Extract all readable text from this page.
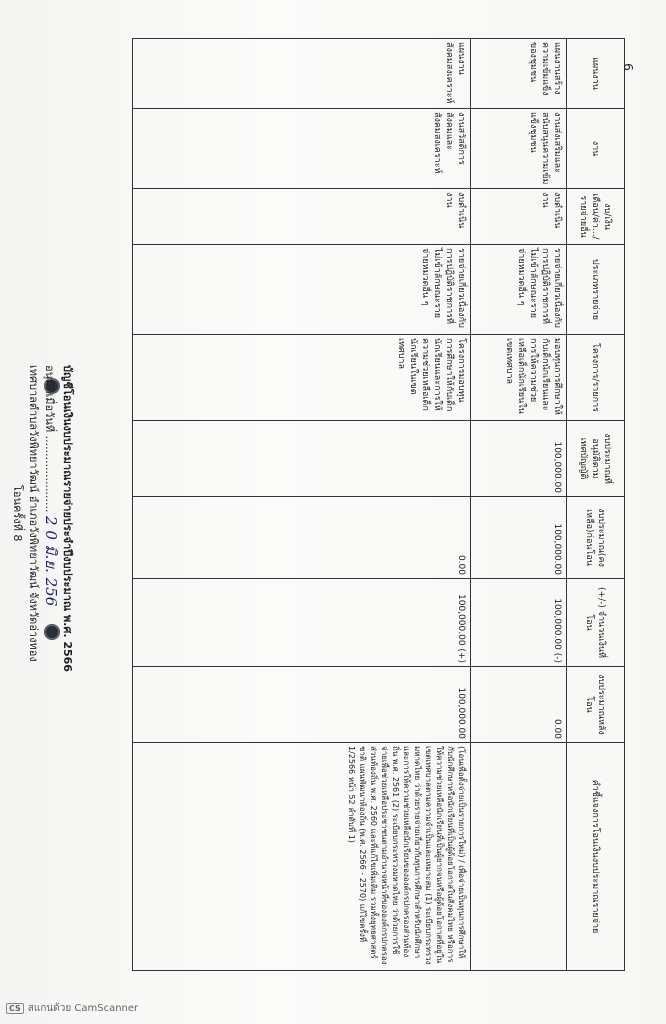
บัญชีโอนเงินงบประมาณรายจ่ายประจำปีงบประมาณ พ.ศ. 2566
อนุมัติเมื่อวันที่ ...................... 2 0 มิ.ย. 256
เทศบาลตำบลวังพิทยาวัฒน์ อำเภอวังพิทยาวัฒน์ จังหวัดอ่างทอง
โอนครั้งที่ 8
แผนงาน	งาน	งบ/เงินเดือน/ค่า.../รายจ่ายอื่น	ประเภทรายจ่าย	โครงการ/รายการ	งบประมาณที่อนุมัติตามเทศบัญญัติ	งบประมาณ(คงเหลือ)ก่อนโอน	(+/-) จำนวนเงินที่โอน	งบประมาณหลังโอน	คำชี้แจงการโอนเงินงบประมาณรายจ่าย
แผนงานสร้างความเข้มแข็งของชุมชน	งานส่งเสริมและสนับสนุนความเข้มแข็งชุมชน	งบดำเนินงาน	รายจ่ายเกี่ยวเนื่องกับการปฏิบัติราชการที่ไม่เข้าลักษณะรายจ่ายหมวดอื่น ๆ	มอบทุนการศึกษาให้กับเด็กนักเรียนและการให้ความช่วยเหลือเด็กนักเรียนในเขตเทศบาล	100,000.00	100,000.00	100,000.00 (-)	0.00	
แผนงานสังคมสงเคราะห์	งานสวัสดิการสังคมและสังคมสงเคราะห์	งบดำเนินงาน	รายจ่ายเกี่ยวเนื่องกับการปฏิบัติราชการที่ไม่เข้าลักษณะรายจ่ายหมวดอื่น ๆ	โครงการมอบทุนการศึกษาให้กับเด็กนักเรียนและการให้ความช่วยเหลือเด็กนักเรียนในเขตเทศบาล		0.00	100,000.00 (+)	100,000.00	(โอนเพื่อตั้งจ่ายเป็นรายการใหม่) / เพื่อจ่ายเป็นทุนการศึกษาให้กับนักศึกษาหรือนักเรียนที่เป็นผู้ด้อยโอกาสในสังคมไทย หรือการให้ความช่วยเหลือนักเรียนที่เป็นผู้ยากจนหรือผู้ด้อยโอกาสที่อยู่ในเขตเทศบาลตามความจำเป็นและเหมาะสม (1) ระเบียบกระทรวงมหาดไทย ว่าด้วยรายจ่ายเกี่ยวกับทุนการศึกษาสำหรับนักศึกษาและการให้ความช่วยเหลือนักเรียนขององค์กรปกครองส่วนท้องถิ่น พ.ศ. 2561 (2) ระเบียบกระทรวงมหาดไทย ว่าด้วยการใช้จ่ายเพื่อช่วยเหลือประชาชนตามอำนาจหน้าที่ขององค์กรปกครองส่วนท้องถิ่น พ.ศ. 2560 และที่แก้ไขเพิ่มเติม รวมทั้งยุทธศาสตร์ชาติ แผนพัฒนาท้องถิ่น (พ.ศ. 2566 - 2570) แก้ไขครั้งที่ 1/2566 หน้า 52 ลำดับที่ 1)
6
CS สแกนด้วย CamScanner
